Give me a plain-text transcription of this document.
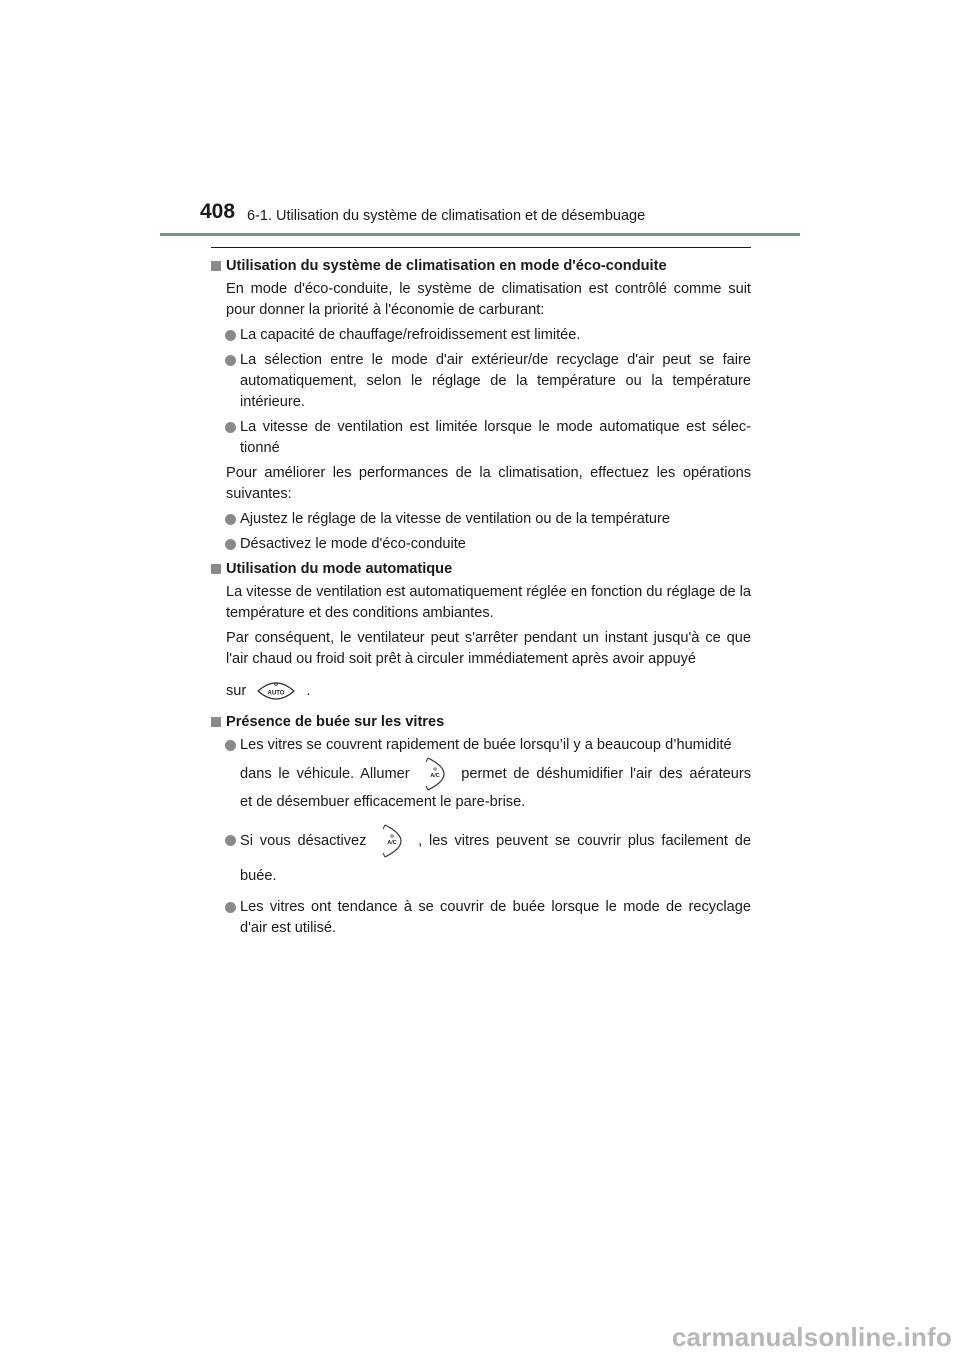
408 6-1. Utilisation du système de climatisation et de désembuage
Utilisation du système de climatisation en mode d'éco-conduite
En mode d'éco-conduite, le système de climatisation est contrôlé comme suit pour donner la priorité à l'économie de carburant:
La capacité de chauffage/refroidissement est limitée.
La sélection entre le mode d'air extérieur/de recyclage d'air peut se faire automatiquement, selon le réglage de la température ou la température intérieure.
La vitesse de ventilation est limitée lorsque le mode automatique est sélec-tionné
Pour améliorer les performances de la climatisation, effectuez les opérations suivantes:
Ajustez le réglage de la vitesse de ventilation ou de la température
Désactivez le mode d'éco-conduite
Utilisation du mode automatique
La vitesse de ventilation est automatiquement réglée en fonction du réglage de la température et des conditions ambiantes.
Par conséquent, le ventilateur peut s'arrêter pendant un instant jusqu'à ce que l'air chaud ou froid soit prêt à circuler immédiatement après avoir appuyé
sur	AUTO .
Présence de buée sur les vitres
Les vitres se couvrent rapidement de buée lorsqu’il y a beaucoup d’humidité
dans le véhicule. Allumer	A/C permet de déshumidifier l'air des aérateurs
et de désembuer efficacement le pare-brise.
Si vous désactivez	A/C , les vitres peuvent se couvrir plus facilement de
buée.
Les vitres ont tendance à se couvrir de buée lorsque le mode de recyclage d'air est utilisé.
carmanualsonline.info
